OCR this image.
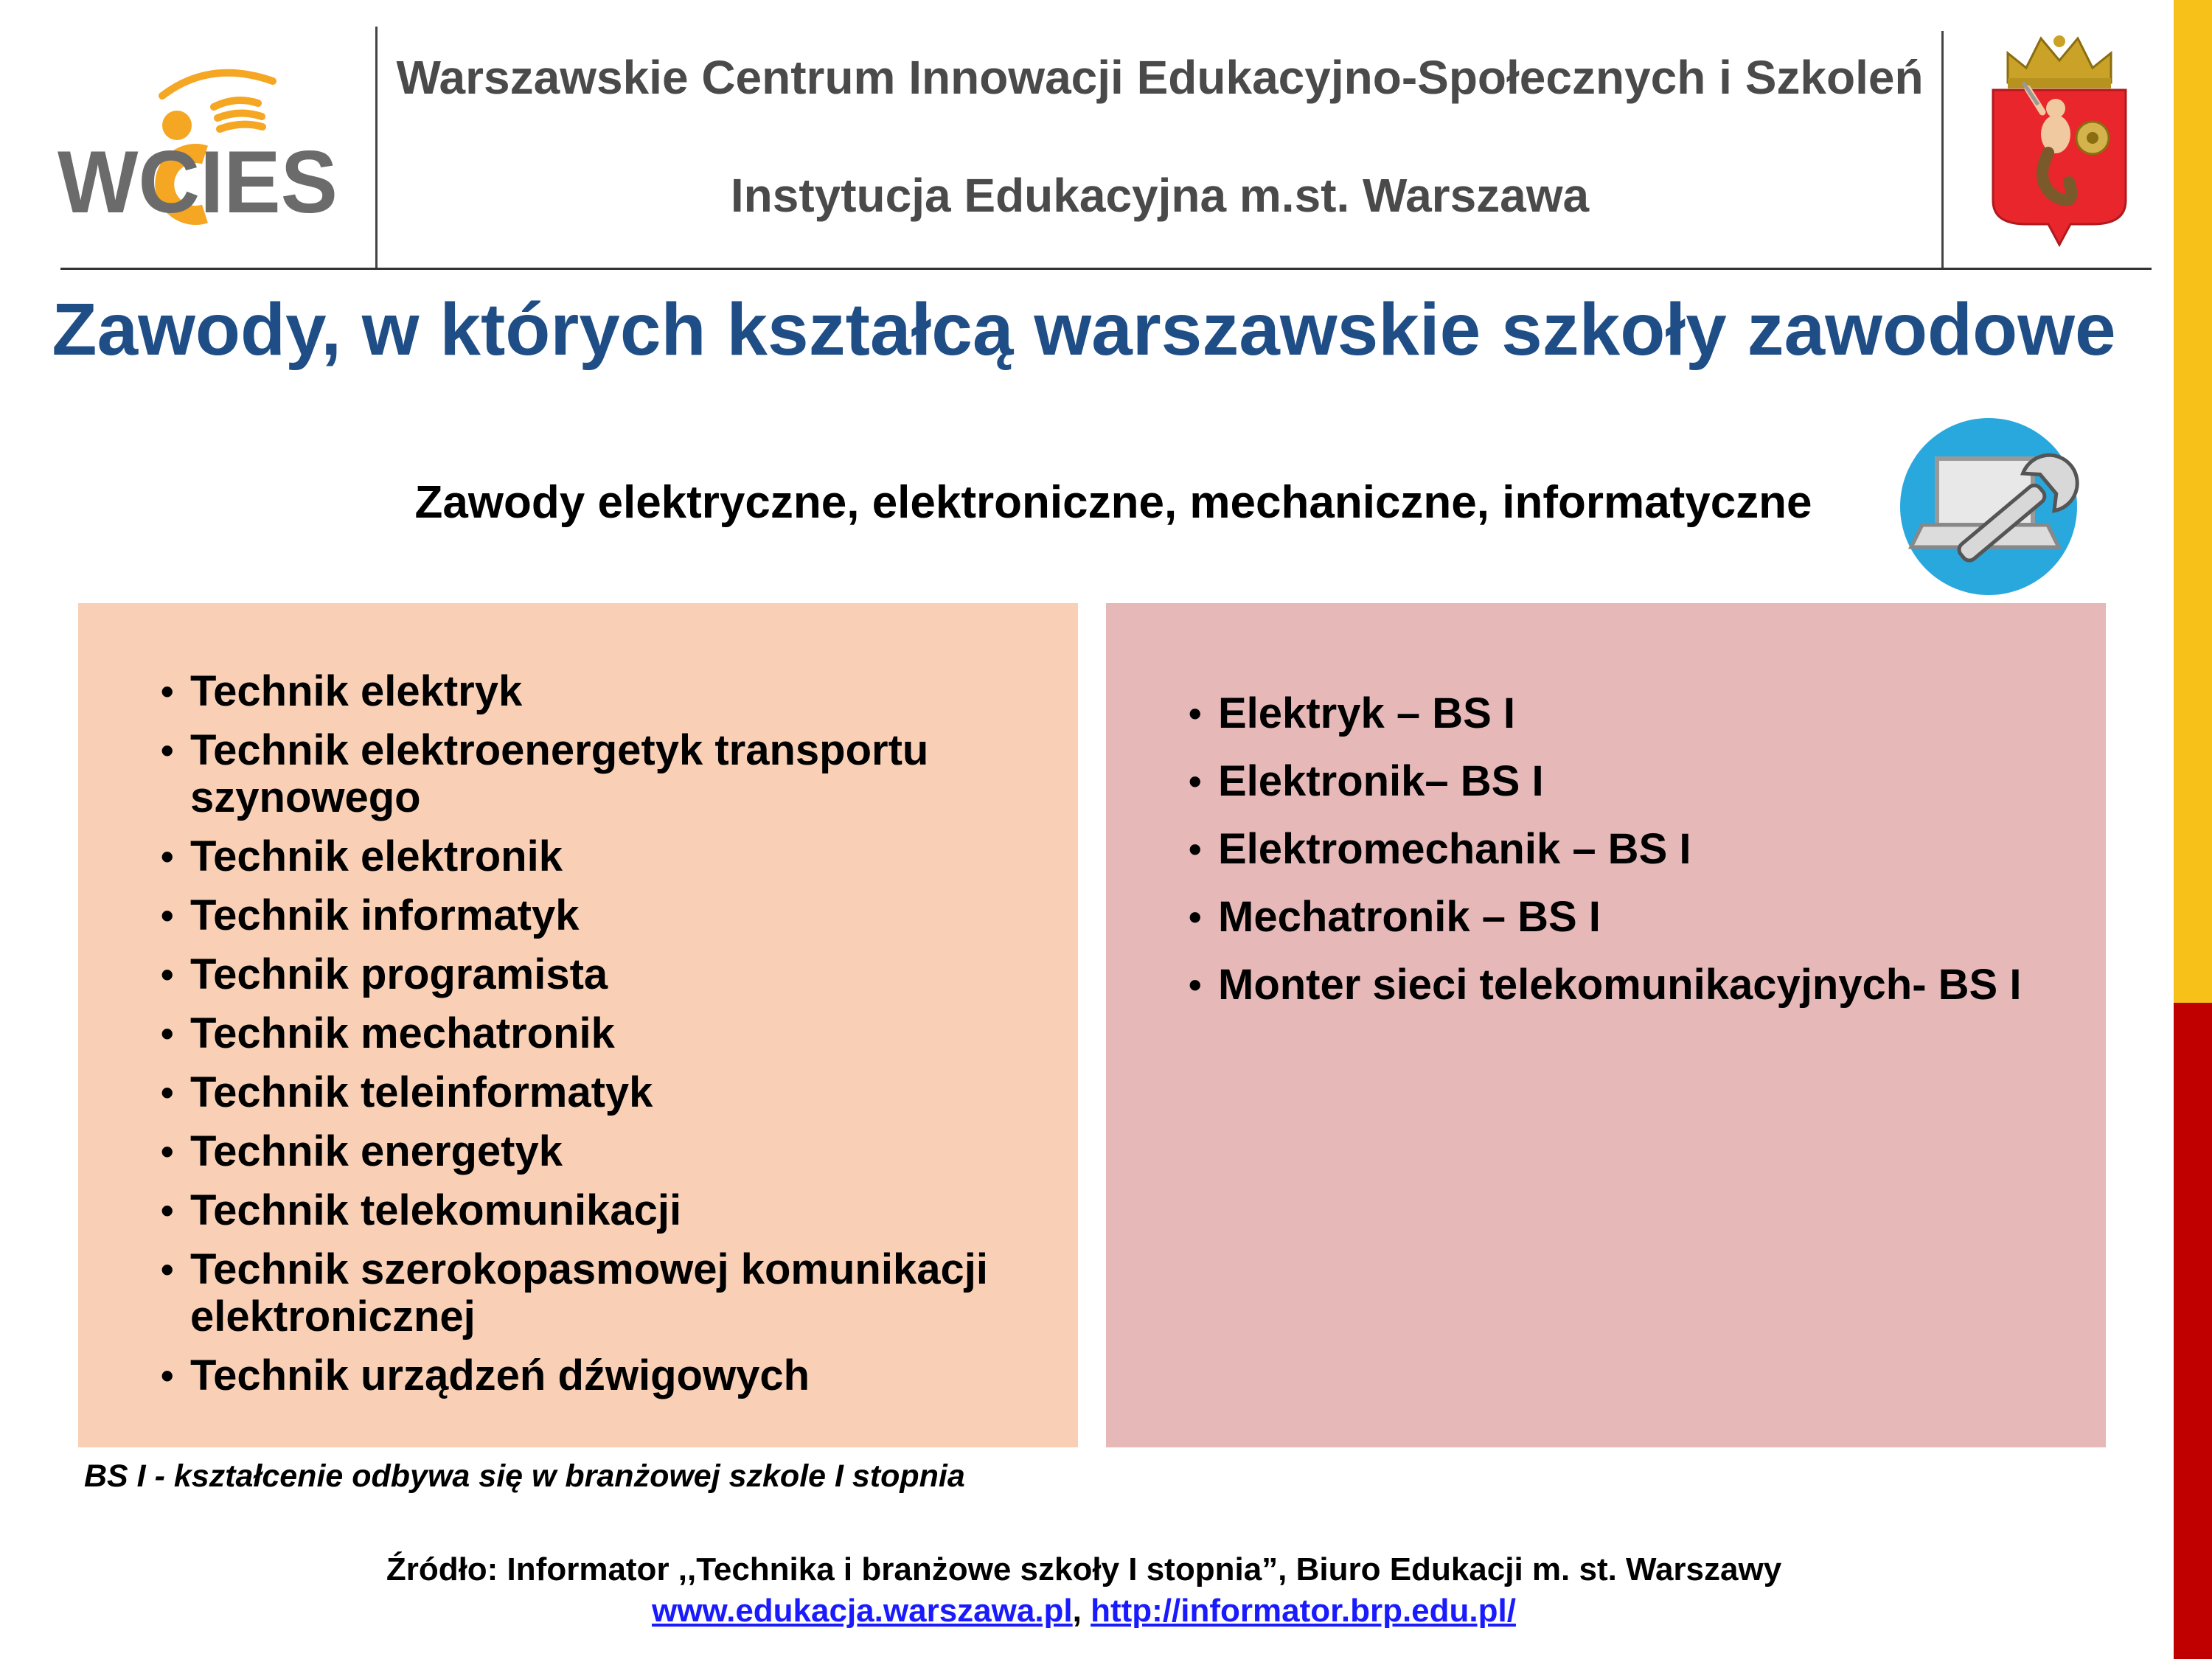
WCIES
Warszawskie Centrum Innowacji Edukacyjno-Społecznych i Szkoleń
Instytucja Edukacyjna m.st. Warszawa
Zawody, w których kształcą warszawskie szkoły zawodowe
Zawody elektryczne, elektroniczne, mechaniczne, informatyczne
• Technik elektryk
• Technik elektroenergetyk transportu szynowego
• Technik elektronik
• Technik informatyk
• Technik programista
• Technik mechatronik
• Technik teleinformatyk
• Technik energetyk
• Technik telekomunikacji
• Technik szerokopasmowej komunikacji elektronicznej
• Technik urządzeń dźwigowych
• Elektryk – BS I
• Elektronik– BS I
• Elektromechanik – BS I
• Mechatronik – BS I
• Monter sieci telekomunikacyjnych- BS I
BS I - kształcenie odbywa się w branżowej szkole I stopnia
Źródło: Informator ,,Technika i branżowe szkoły I stopnia”, Biuro Edukacji m. st. Warszawy
www.edukacja.warszawa.pl, http://informator.brp.edu.pl/
